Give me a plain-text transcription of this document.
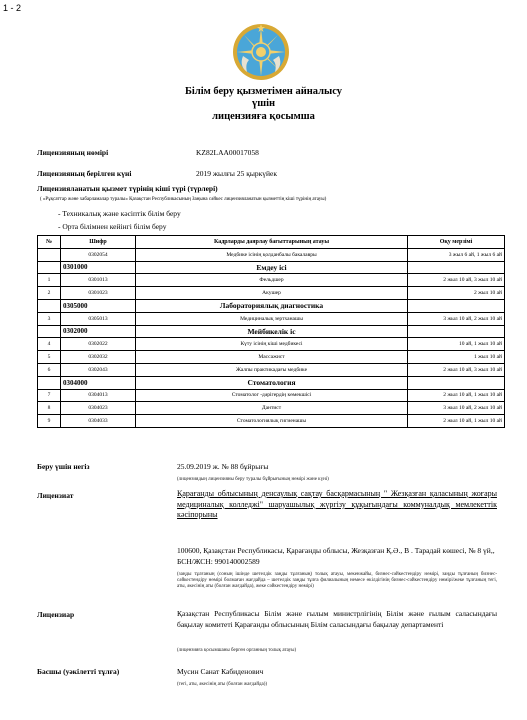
1 - 2
Білім беру қызметімен айналысу
үшін
лицензияға қосымша
Лицензияның нөмірі	KZ82LAA00017058
Лицензияның берілген күні	2019 жылғы 25 қыркүйек
Лицензияланатын қызмет түрінің кіші түрі (түрлері)
( «Рұқсаттар және хабарламалар туралы» Қазақстан Республикасының Заңына сәйкес лицензияланатын қызметтің кіші түрінің атауы)
- Техникалық және кәсіптік білім беру
- Орта білімнен кейінгі білім беру
№	Шифр	Кадрларды даярлау бағыттарының атауы	Оқу мерзімі
	0302054	Медбике ісінің қолданбалы бакалавры	3 жыл 6 ай, 1 жыл 6 ай
	0301000	Емдеу ісі	
1	0301013	Фельдшер	2 жыл 10 ай, 3 жыл 10 ай
2	0301023	Акушер	2 жыл 10 ай
	0305000	Лабораториялық диагностика	
3	0305013	Медициналық зертханашы	3 жыл 10 ай, 2 жыл 10 ай
	0302000	Мейбикелік іс	
4	0302022	Күту ісінің кіші медбикесі	10 ай, 1 жыл 10 ай
5	0302032	Массажист	1 жыл 10 ай
6	0302043	Жалпы практикадағы медбике	2 жыл 10 ай, 3 жыл 10 ай
	0304000	Стоматология	
7	0304013	Стоматолог -дәрігердің көмекшісі	2 жыл 10 ай, 1 жыл 10 ай
8	0304023	Дантист	3 жыл 10 ай, 2 жыл 10 ай
9	0304033	Стоматологиялық гигиенашы	2 жыл 10 ай, 1 жыл 10 ай
Беру үшін негіз	25.09.2019 ж. № 88 бұйрығы
(лицензиядың лицензияны беру туралы бұйрығының нөмірі және күні)
Лицензиат	Қарағанды облысының денсаулық сақтау басқармасының " Жезқазған қаласының жоғары медициналық колледжі" шаруашылық жүргізу құқығындағы коммуналдық мемлекеттік кәсіпорыны
100600, Қазақстан Республикасы, Қарағанды облысы, Жезқазған Қ.Ә., В . Тарадай көшесі, № 8 үй,, БСН/ЖСН: 990140002589
(заңды тұлғаның (соның ішінде шетелдік заңды тұлғаның) толық атауы, мекенжайы, бизнес-сәйкестендіру нөмірі, заңды тұлғаның бизнес-сәйкестендіру нөмірі болмаған жағдайда – шетелдік заңды тұлға филиалының немесе өкілдігінің бизнес-сәйкестендіру нөмірі/жеке тұлғаның тегі, аты, әкесінің аты (болған жағдайда), жеке сәйкестендіру нөмірі)
Лицензиар	Қазақстан Республикасы Білім және ғылым министрлігінің Білім және ғылым саласындағы бақылау комитеті Қарағанды облысының Білім саласындағы бақылау департаменті
(лицензияға қосымшаны берген органның толық атауы)
Басшы (уәкілетті тұлға)	Мусин Санат Кабиденович
(тегі, аты, әкесінің аты (болған жағдайда))
